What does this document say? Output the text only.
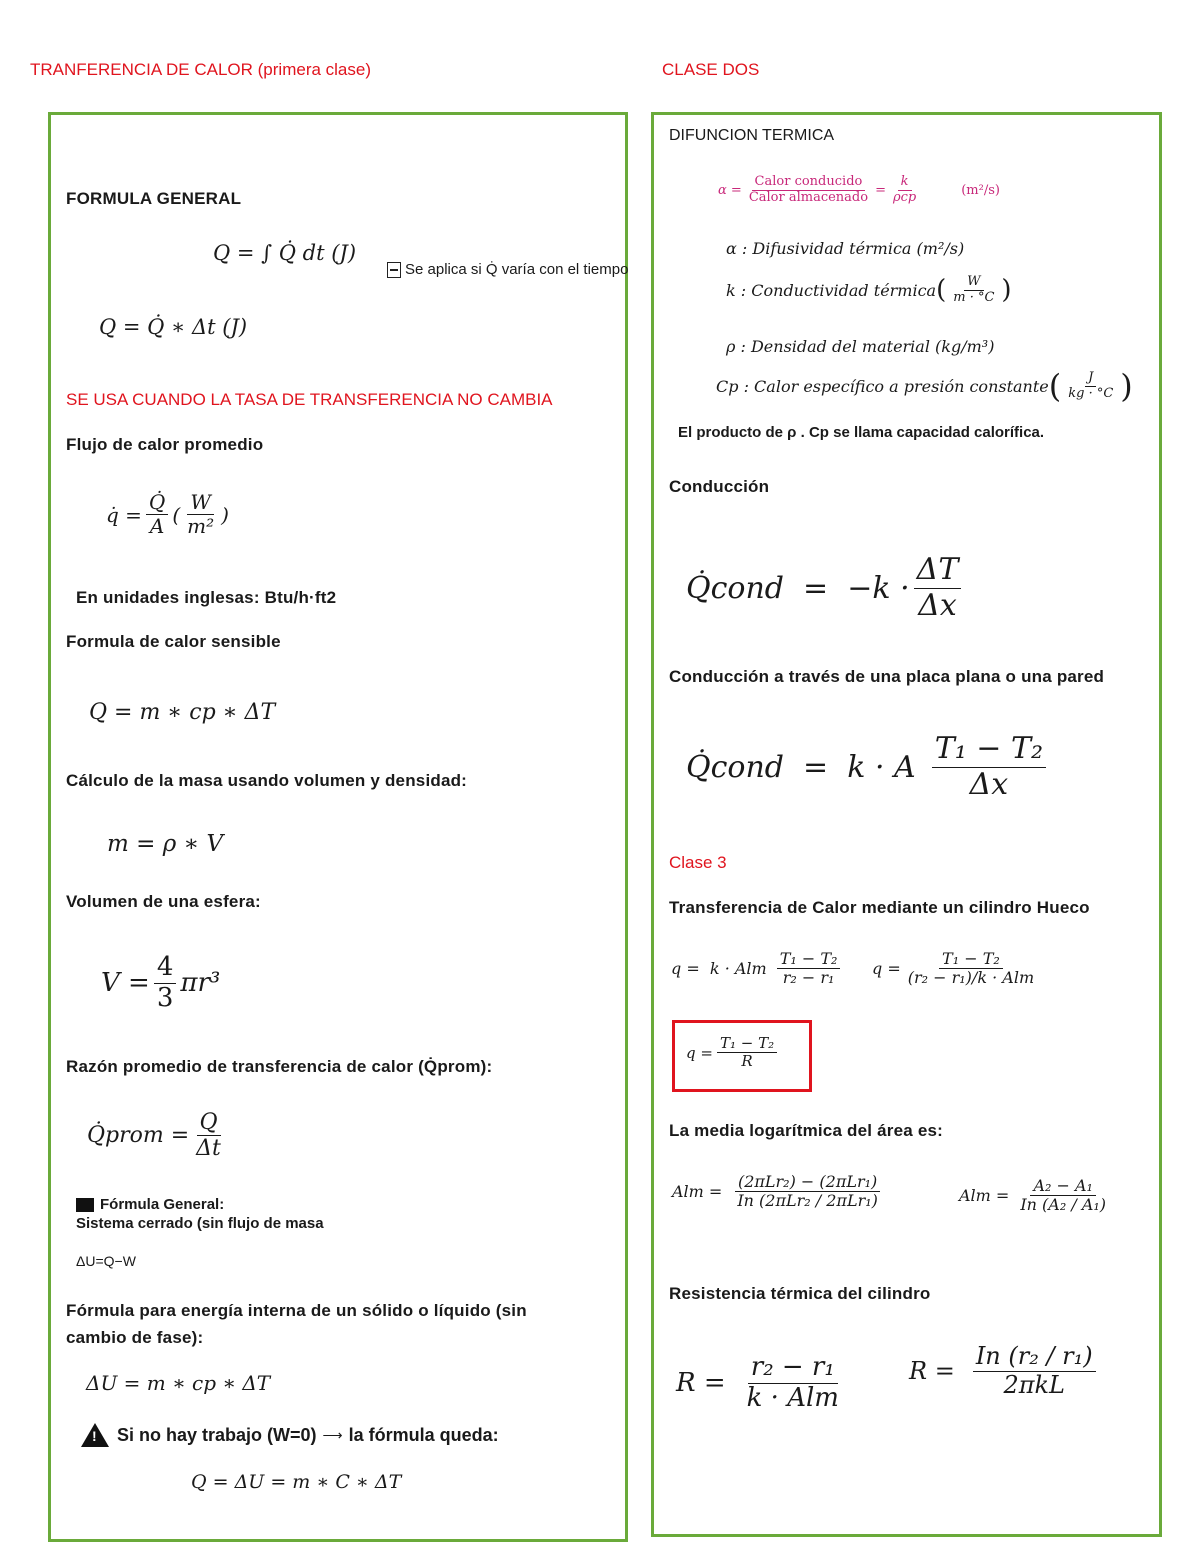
TRANFERENCIA DE CALOR (primera clase)	CLASE DOS
FORMULA GENERAL
Q = ∫ Q̇ dt (J)
Se aplica si Q̇ varía con el tiempo
Q = Q̇ ∗ Δt (J)
SE USA CUANDO LA TASA DE TRANSFERENCIA NO CAMBIA
Flujo de calor promedio
q̇ = $\frac{Q̇}{A}$ ( $\frac{W}{\text{m²}}$ )
En unidades inglesas: Btu/h·ft2
Formula de calor sensible
Q = m ∗ cp ∗ ΔT
Cálculo de la masa usando volumen y densidad:
m = ρ ∗ V
Volumen de una esfera:
$V = \frac{4}{3} \pi r^3$
Razón promedio de transferencia de calor (Q̇prom):
Q̇prom = $\frac{Q}{\Delta t}$
Fórmula General:
Sistema cerrado (sin flujo de masa
ΔU=Q−W
Fórmula para energía interna de un sólido o líquido (sin
cambio de fase):
ΔU = m ∗ cp ∗ ΔT
!
Si no hay trabajo (W=0) ⟶ la fórmula queda:
Q = ΔU = m ∗ C ∗ ΔT
DIFUNCION TERMICA
$\alpha = \frac{\text{Calor conducido}}{\text{Calor almacenado}} = \frac{k}{\text{ρcp}}$	(m²/s)
α : Difusividad térmica (m²/s)
k : Conductividad térmica ( $\frac{W}{m \cdot ^\circ C}$ )
ρ : Densidad del material (kg/m³)
Cp : Calor específico a presión constante ( $\frac{J}{kg \cdot ^\circ C}$ )
El producto de ρ . Cp se llama capacidad calorífica.
Conducción
Q̇cond  =  $-k \cdot \frac{\Delta T}{\Delta x}$
Conducción a través de una placa plana o una pared
Q̇cond  =  k · A $\frac{\text{T₁ − T₂}}{\Delta x}$
Clase 3
Transferencia de Calor mediante un cilindro Hueco
q =  k · Alm $\frac{\text{T₁ − T₂}}{\text{r₂ − r₁}}$ $q = \frac{\text{T₁ − T₂}}{\text{(r₂ − r₁)/k · Alm}}$
$q = \frac{\text{T₁ − T₂}}{R}$
La media logarítmica del área es:
Alm = $\frac{\text{(2πLr₂) − (2πLr₁)}}{\text{In (2πLr₂ / 2πLr₁)}}$	Alm = $\frac{\text{A₂ − A₁}}{\text{In (A₂ / A₁)}}$
Resistencia térmica del cilindro
$R = \frac{\text{r₂ − r₁}}{\text{k · Alm}}$	$R = \frac{\text{In (r₂ / r₁)}}{\text{2πkL}}$
